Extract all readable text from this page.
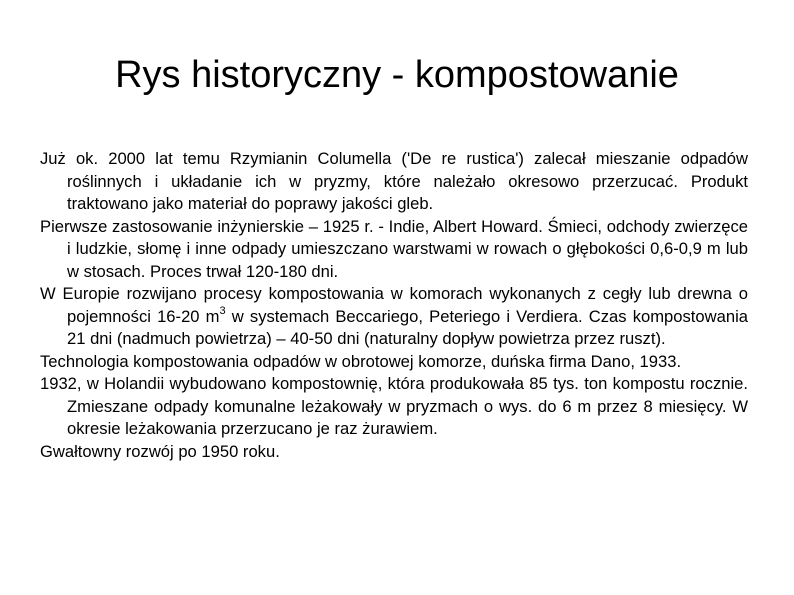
Rys historyczny - kompostowanie

Już ok. 2000 lat temu Rzymianin Columella ('De re rustica') zalecał mieszanie odpadów roślinnych i układanie ich w pryzmy, które należało okresowo przerzucać. Produkt traktowano jako materiał do poprawy jakości gleb.

Pierwsze zastosowanie inżynierskie – 1925 r. - Indie, Albert Howard. Śmieci, odchody zwierzęce i ludzkie, słomę i inne odpady umieszczano warstwami w rowach o głębokości 0,6-0,9 m lub w stosach. Proces trwał 120-180 dni.

W Europie rozwijano procesy kompostowania w komorach wykonanych z cegły lub drewna o pojemności 16-20 $m^3$ w systemach Beccariego, Peteriego i Verdiera. Czas kompostowania 21 dni (nadmuch powietrza) – 40-50 dni (naturalny dopływ powietrza przez ruszt).

Technologia kompostowania odpadów w obrotowej komorze, duńska firma Dano, 1933.

1932, w Holandii wybudowano kompostownię, która produkowała 85 tys. ton kompostu rocznie. Zmieszane odpady komunalne leżakowały w pryzmach o wys. do 6 m przez 8 miesięcy. W okresie leżakowania przerzucano je raz żurawiem.

Gwałtowny rozwój po 1950 roku.
